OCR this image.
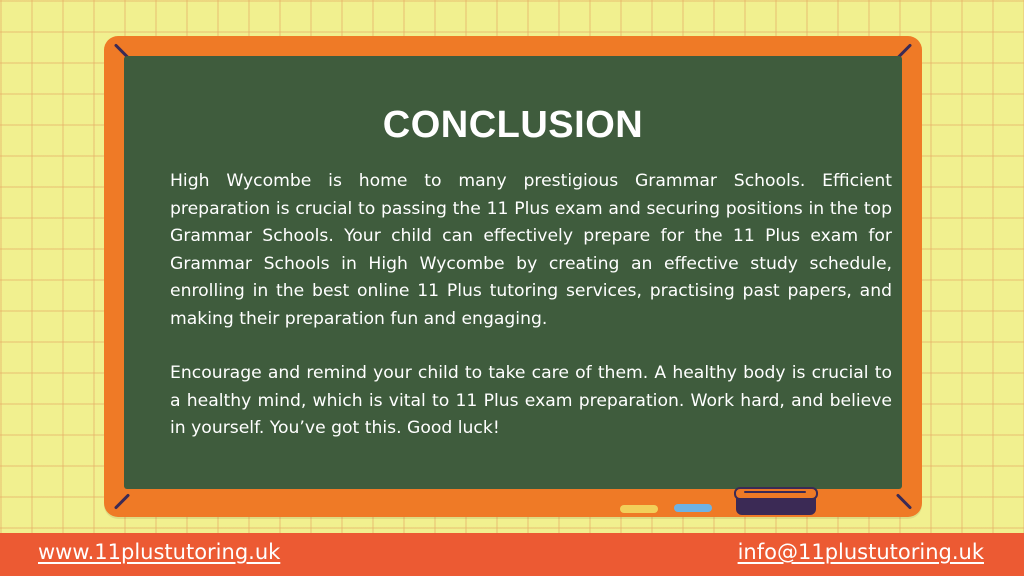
CONCLUSION

High Wycombe is home to many prestigious Grammar Schools. Efficient preparation is crucial to passing the 11 Plus exam and securing positions in the top Grammar Schools. Your child can effectively prepare for the 11 Plus exam for Grammar Schools in High Wycombe by creating an effective study schedule, enrolling in the best online 11 Plus tutoring services, practising past papers, and making their preparation fun and engaging.

Encourage and remind your child to take care of them. A healthy body is crucial to a healthy mind, which is vital to 11 Plus exam preparation. Work hard, and believe in yourself. You’ve got this. Good luck!

www.11plustutoring.uk	info@11plustutoring.uk
